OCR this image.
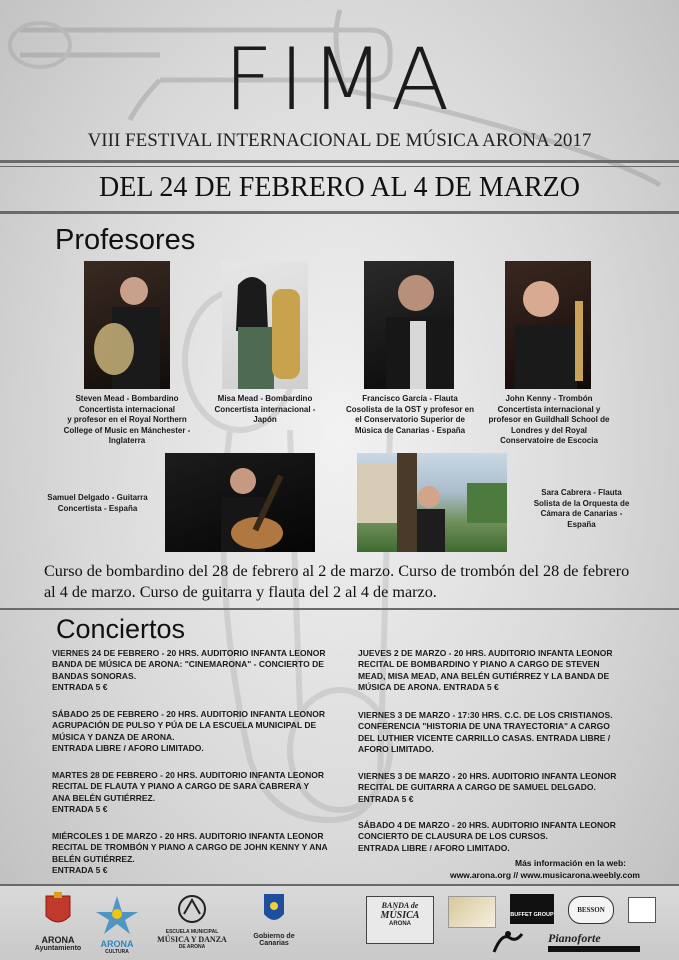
FIMA
VIII FESTIVAL INTERNACIONAL DE MÚSICA ARONA 2017
DEL 24 DE FEBRERO AL 4 DE MARZO
Profesores
Steven Mead - Bombardino
Concertista internacional
y profesor en el Royal Northern
College of Music en Mánchester -
Inglaterra
Misa Mead - Bombardino
Concertista internacional -
Japón
Francisco García - Flauta
Cosolista de la OST y profesor en
el Conservatorio Superior de
Música de Canarias - España
John Kenny - Trombón
Concertista internacional y
profesor en Guildhall School de
Londres y del Royal
Conservatoire de Escocia
Samuel Delgado - Guitarra
Concertista - España
Sara Cabrera - Flauta
Solista de la Orquesta de
Cámara de Canarias -
España
Curso de bombardino del 28 de febrero al 2 de marzo. Curso de trombón del 28 de febrero al 4 de marzo. Curso de guitarra y flauta del 2 al 4 de marzo.
Conciertos
VIERNES 24 DE FEBRERO - 20 HRS. AUDITORIO INFANTA LEONOR
BANDA DE MÚSICA DE ARONA: "CINEMARONA" - CONCIERTO DE
BANDAS SONORAS.
ENTRADA 5 €
SÁBADO 25 DE FEBRERO - 20 HRS. AUDITORIO INFANTA LEONOR
AGRUPACIÓN DE PULSO Y PÚA DE LA ESCUELA MUNICIPAL DE
MÚSICA Y DANZA DE ARONA.
ENTRADA LIBRE / AFORO LIMITADO.
MARTES 28 DE FEBRERO - 20 HRS. AUDITORIO INFANTA LEONOR
RECITAL DE FLAUTA Y PIANO A CARGO DE SARA CABRERA Y
ANA BELÉN GUTIÉRREZ.
ENTRADA 5 €
MIÉRCOLES 1 DE MARZO - 20 HRS. AUDITORIO INFANTA LEONOR
RECITAL DE TROMBÓN Y PIANO A CARGO DE JOHN KENNY Y ANA
BELÉN GUTIÉRREZ.
ENTRADA 5 €
JUEVES 2 DE MARZO - 20 HRS. AUDITORIO INFANTA LEONOR
RECITAL DE BOMBARDINO Y PIANO A CARGO DE STEVEN
MEAD, MISA MEAD, ANA BELÉN GUTIÉRREZ Y LA BANDA DE
MÚSICA DE ARONA. ENTRADA 5 €
VIERNES 3 DE MARZO - 17:30 HRS. C.C. DE LOS CRISTIANOS.
CONFERENCIA "HISTORIA DE UNA TRAYECTORIA" A CARGO
DEL LUTHIER VICENTE CARRILLO CASAS. ENTRADA LIBRE /
AFORO LIMITADO.
VIERNES 3 DE MARZO - 20 HRS. AUDITORIO INFANTA LEONOR
RECITAL DE GUITARRA A CARGO DE SAMUEL DELGADO.
ENTRADA 5 €
SÁBADO 4 DE MARZO - 20 HRS. AUDITORIO INFANTA LEONOR
CONCIERTO DE CLAUSURA DE LOS CURSOS.
ENTRADA LIBRE / AFORO LIMITADO.
Más información en la web:
www.arona.org // www.musicarona.weebly.com
ARONA
Ayuntamiento	ARONA
CULTURA
ESCUELA MUNICIPAL
MÚSICA Y DANZA
DE ARONA
Gobierno de Canarias
BANDA de
MÚSICA
ARONA
BUFFET GROUP
BESSON
Pianoforte
